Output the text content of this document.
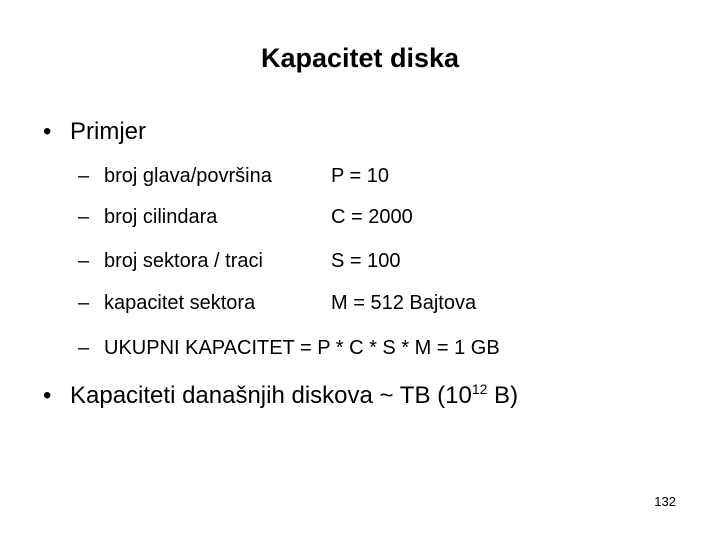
Kapacitet diska
• Primjer
– broj glava/površina	P = 10
– broj cilindara	C = 2000
– broj sektora / traci	S = 100
– kapacitet sektora	M = 512 Bajtova
– UKUPNI KAPACITET = P * C * S * M = 1 GB
• Kapaciteti današnjih diskova ~ TB ($10^{12}$ B)
132
